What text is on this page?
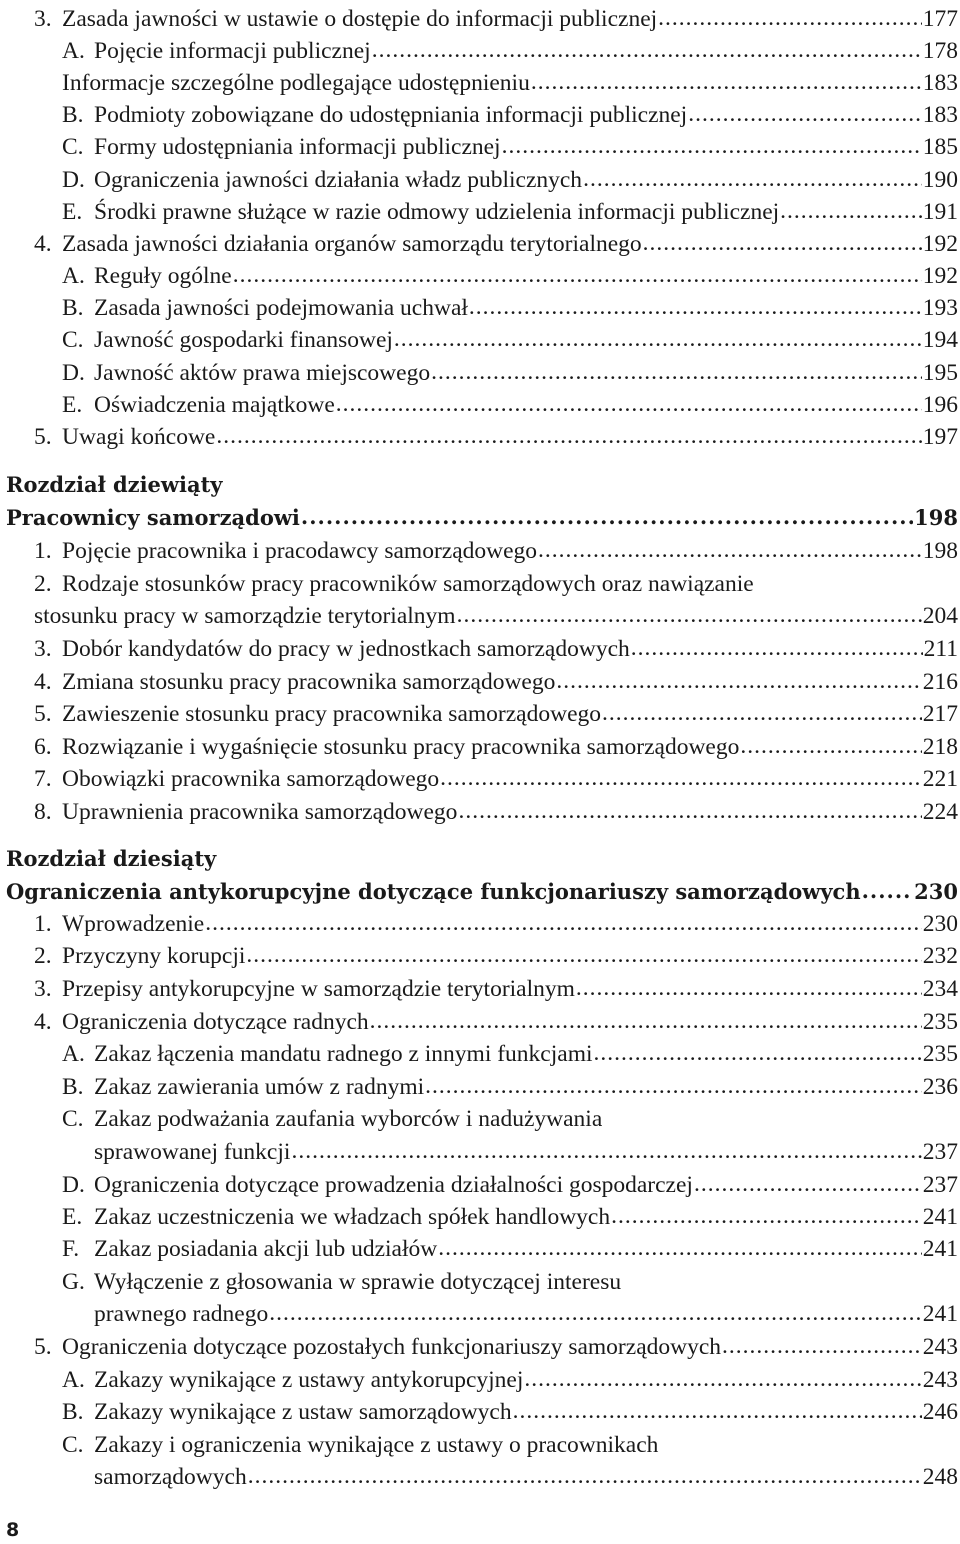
3. Zasada jawności w ustawie o dostępie do informacji publicznej .....	177
A. Pojęcie informacji publicznej .....	178
Informacje szczególne podlegające udostępnieniu .....	183
B. Podmioty zobowiązane do udostępniania informacji publicznej .....	183
C. Formy udostępniania informacji publicznej .....	185
D. Ograniczenia jawności działania władz publicznych .....	190
E. Środki prawne służące w razie odmowy udzielenia informacji publicznej .....	191
4. Zasada jawności działania organów samorządu terytorialnego .....	192
A. Reguły ogólne .....	192
B. Zasada jawności podejmowania uchwał .....	193
C. Jawność gospodarki finansowej .....	194
D. Jawność aktów prawa miejscowego .....	195
E. Oświadczenia majątkowe .....	196
5. Uwagi końcowe .....	197
Rozdział dziewiąty
Pracownicy samorządowi .....	198
1. Pojęcie pracownika i pracodawcy samorządowego .....	198
2. Rodzaje stosunków pracy pracowników samorządowych oraz nawiązanie
stosunku pracy w samorządzie terytorialnym .....	204
3. Dobór kandydatów do pracy w jednostkach samorządowych .....	211
4. Zmiana stosunku pracy pracownika samorządowego .....	216
5. Zawieszenie stosunku pracy pracownika samorządowego .....	217
6. Rozwiązanie i wygaśnięcie stosunku pracy pracownika samorządowego .....	218
7. Obowiązki pracownika samorządowego .....	221
8. Uprawnienia pracownika samorządowego .....	224
Rozdział dziesiąty
Ograniczenia antykorupcyjne dotyczące funkcjonariuszy samorządowych .....	230
1. Wprowadzenie .....	230
2. Przyczyny korupcji .....	232
3. Przepisy antykorupcyjne w samorządzie terytorialnym .....	234
4. Ograniczenia dotyczące radnych .....	235
A. Zakaz łączenia mandatu radnego z innymi funkcjami .....	235
B. Zakaz zawierania umów z radnymi .....	236
C. Zakaz podważania zaufania wyborców i nadużywania
sprawowanej funkcji .....	237
D. Ograniczenia dotyczące prowadzenia działalności gospodarczej .....	237
E. Zakaz uczestniczenia we władzach spółek handlowych .....	241
F. Zakaz posiadania akcji lub udziałów .....	241
G. Wyłączenie z głosowania w sprawie dotyczącej interesu
prawnego radnego .....	241
5. Ograniczenia dotyczące pozostałych funkcjonariuszy samorządowych .....	243
A. Zakazy wynikające z ustawy antykorupcyjnej .....	243
B. Zakazy wynikające z ustaw samorządowych .....	246
C. Zakazy i ograniczenia wynikające z ustawy o pracownikach
samorządowych .....	248
8
